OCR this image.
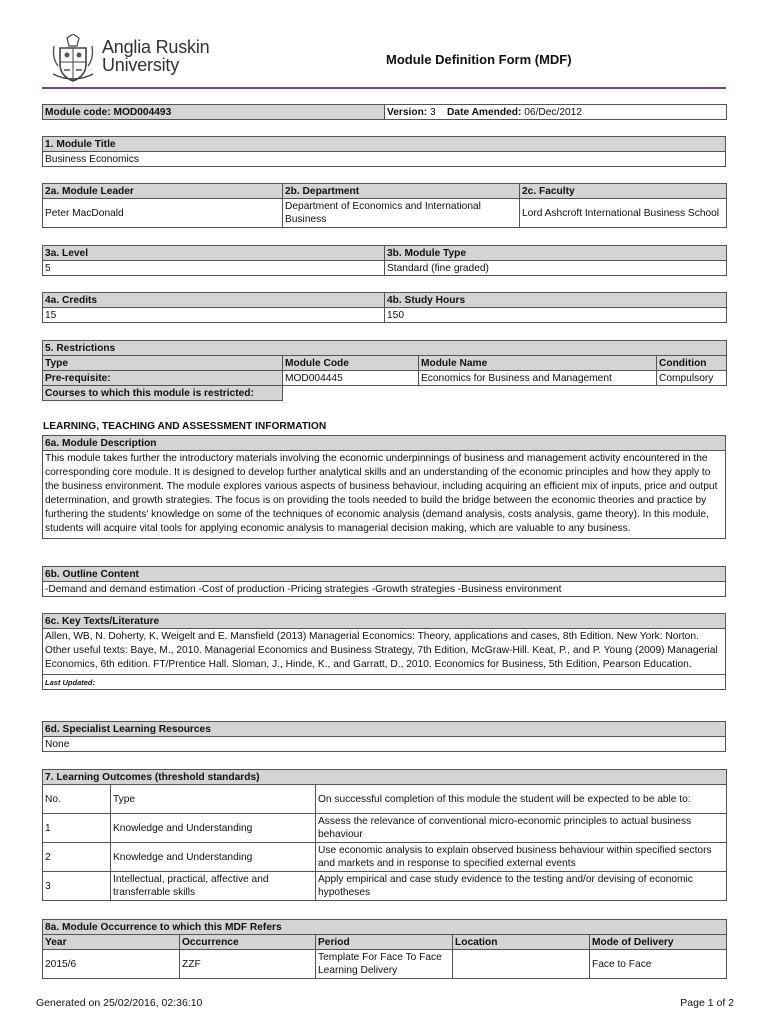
Anglia Ruskin
University	Module Definition Form (MDF)
Module code: MOD004493	Version: 3 Date Amended: 06/Dec/2012
1. Module Title
Business Economics
2a. Module Leader	2b. Department	2c. Faculty
Peter MacDonald	Department of Economics and International Business	Lord Ashcroft International Business School
3a. Level	3b. Module Type
5	Standard (fine graded)
4a. Credits	4b. Study Hours
15	150
5. Restrictions			
Type	Module Code	Module Name	Condition
Pre-requisite:	MOD004445	Economics for Business and Management	Compulsory
Courses to which this module is restricted:			
LEARNING, TEACHING AND ASSESSMENT INFORMATION
6a. Module Description
This module takes further the introductory materials involving the economic underpinnings of business and management activity encountered in the corresponding core module. It is designed to develop further analytical skills and an understanding of the economic principles and how they apply to the business environment. The module explores various aspects of business behaviour, including acquiring an efficient mix of inputs, price and output determination, and growth strategies. The focus is on providing the tools needed to build the bridge between the economic theories and practice by furthering the students' knowledge on some of the techniques of economic analysis (demand analysis, costs analysis, game theory). In this module, students will acquire vital tools for applying economic analysis to managerial decision making, which are valuable to any business.
6b. Outline Content
-Demand and demand estimation -Cost of production -Pricing strategies -Growth strategies -Business environment
6c. Key Texts/Literature
Allen, WB, N. Doherty, K, Weigelt and E. Mansfield (2013) Managerial Economics: Theory, applications and cases, 8th Edition. New York: Norton. Other useful texts: Baye, M., 2010. Managerial Economics and Business Strategy, 7th Edition, McGraw-Hill. Keat, P., and P. Young (2009) Managerial Economics, 6th edition. FT/Prentice Hall. Sloman, J., Hinde, K., and Garratt, D., 2010. Economics for Business, 5th Edition, Pearson Education.
Last Updated:
6d. Specialist Learning Resources
None
7. Learning Outcomes (threshold standards)		
No.	Type	On successful completion of this module the student will be expected to be able to:
1	Knowledge and Understanding	Assess the relevance of conventional micro-economic principles to actual business behaviour
2	Knowledge and Understanding	Use economic analysis to explain observed business behaviour within specified sectors and markets and in response to specified external events
3	Intellectual, practical, affective and transferrable skills	Apply empirical and case study evidence to the testing and/or devising of economic hypotheses
8a. Module Occurrence to which this MDF Refers				
Year	Occurrence	Period	Location	Mode of Delivery
2015/6	ZZF	Template For Face To Face Learning Delivery		Face to Face
Generated on 25/02/2016, 02:36:10	Page 1 of 2
